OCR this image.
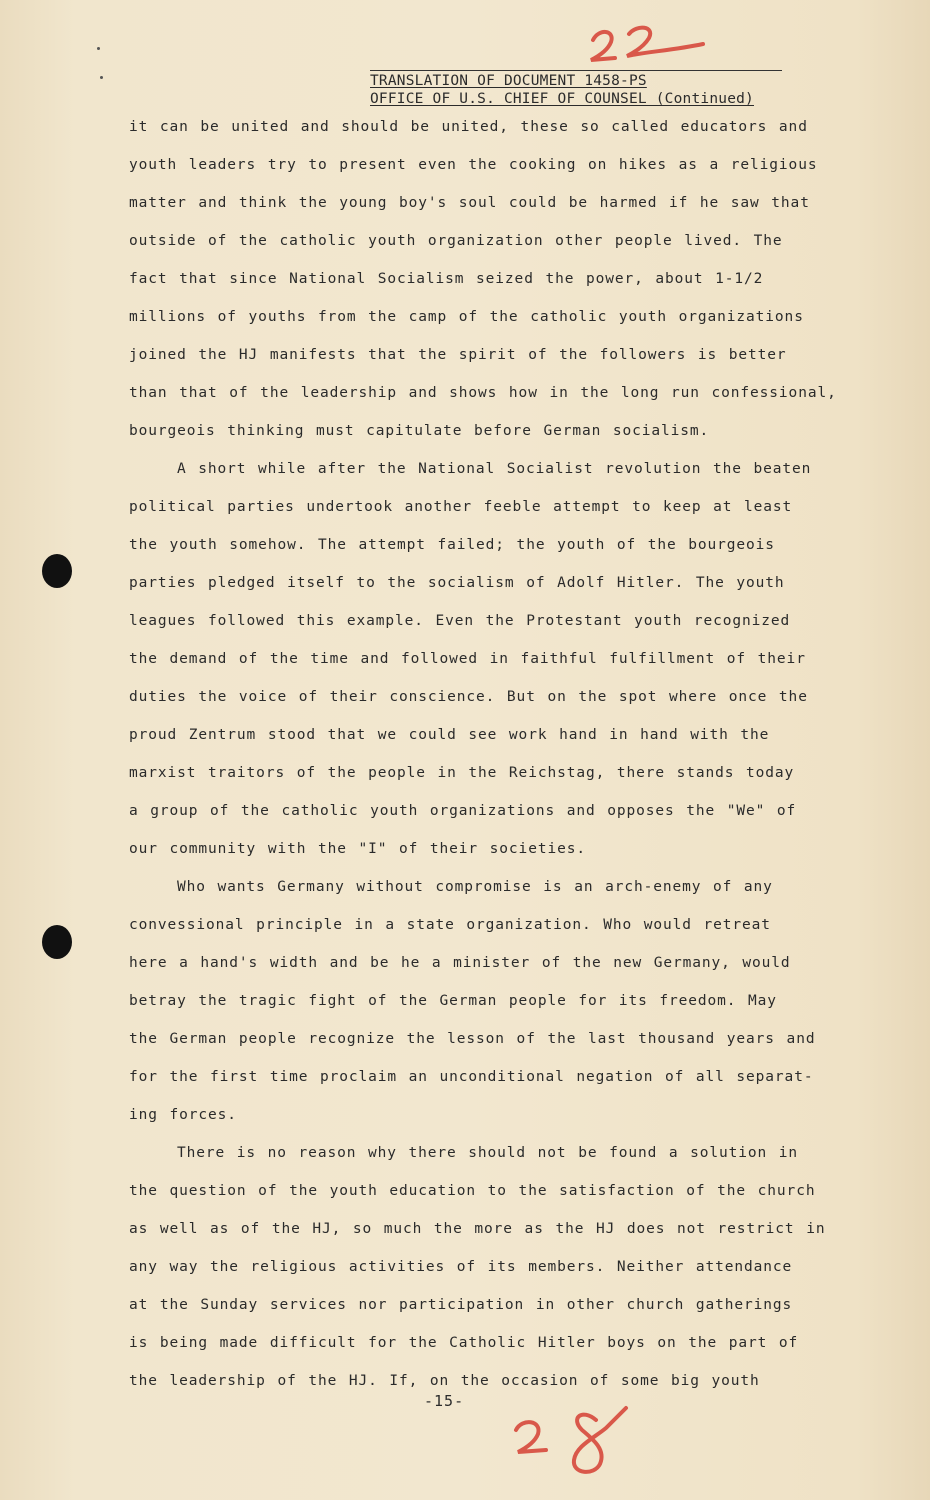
TRANSLATION OF DOCUMENT 1458-PS
OFFICE OF U.S. CHIEF OF COUNSEL (Continued)
it can be united and should be united, these so called educators and
youth leaders try to present even the cooking on hikes as a religious
matter and think the young boy's soul could be harmed if he saw that
outside of the catholic youth organization other people lived. The
fact that since National Socialism seized the power, about 1-1/2
millions of youths from the camp of the catholic youth organizations
joined the HJ manifests that the spirit of the followers is better
than that of the leadership and shows how in the long run confessional,
bourgeois thinking must capitulate before German socialism.
A short while after the National Socialist revolution the beaten
political parties undertook another feeble attempt to keep at least
the youth somehow. The attempt failed; the youth of the bourgeois
parties pledged itself to the socialism of Adolf Hitler. The youth
leagues followed this example. Even the Protestant youth recognized
the demand of the time and followed in faithful fulfillment of their
duties the voice of their conscience. But on the spot where once the
proud Zentrum stood that we could see work hand in hand with the
marxist traitors of the people in the Reichstag, there stands today
a group of the catholic youth organizations and opposes the "We" of
our community with the "I" of their societies.
Who wants Germany without compromise is an arch-enemy of any
convessional principle in a state organization. Who would retreat
here a hand's width and be he a minister of the new Germany, would
betray the tragic fight of the German people for its freedom. May
the German people recognize the lesson of the last thousand years and
for the first time proclaim an unconditional negation of all separat-
ing forces.
There is no reason why there should not be found a solution in
the question of the youth education to the satisfaction of the church
as well as of the HJ, so much the more as the HJ does not restrict in
any way the religious activities of its members. Neither attendance
at the Sunday services nor participation in other church gatherings
is being made difficult for the Catholic Hitler boys on the part of
the leadership of the HJ. If, on the occasion of some big youth
-15-
